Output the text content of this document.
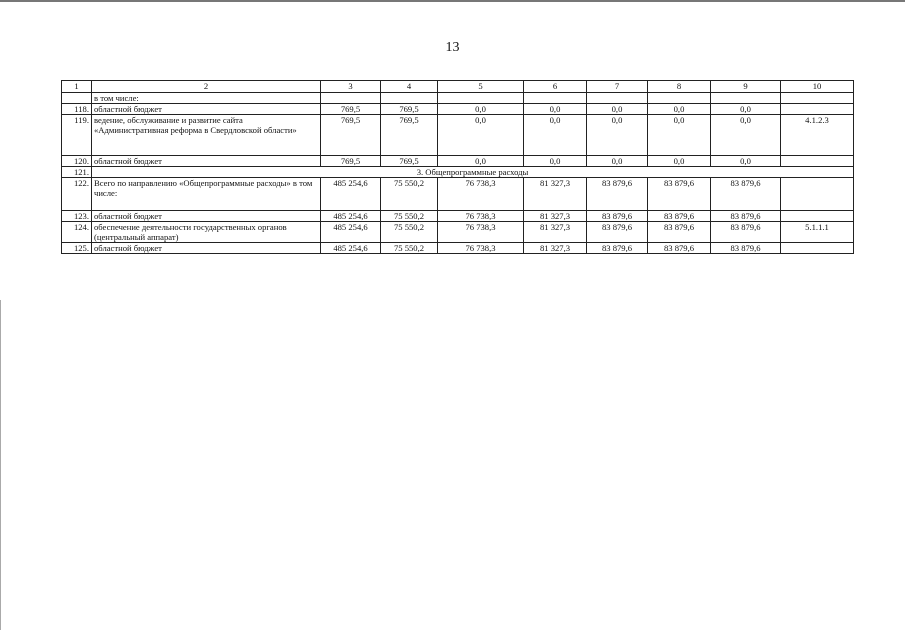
13
1	2	3	4	5	6	7	8	9	10
	в том числе:								
118.	областной бюджет	769,5	769,5	0,0	0,0	0,0	0,0	0,0	
119.	ведение, обслуживание и развитие сайта «Административная реформа в Свердловской области»	769,5	769,5	0,0	0,0	0,0	0,0	0,0	4.1.2.3
120.	областной бюджет	769,5	769,5	0,0	0,0	0,0	0,0	0,0	
121.	3. Общепрограммные расходы								
122.	Всего по направлению «Общепрограммные расходы» в том числе:	485 254,6	75 550,2	76 738,3	81 327,3	83 879,6	83 879,6	83 879,6	
123.	областной бюджет	485 254,6	75 550,2	76 738,3	81 327,3	83 879,6	83 879,6	83 879,6	
124.	обеспечение деятельности государственных органов (центральный аппарат)	485 254,6	75 550,2	76 738,3	81 327,3	83 879,6	83 879,6	83 879,6	5.1.1.1
125.	областной бюджет	485 254,6	75 550,2	76 738,3	81 327,3	83 879,6	83 879,6	83 879,6	
